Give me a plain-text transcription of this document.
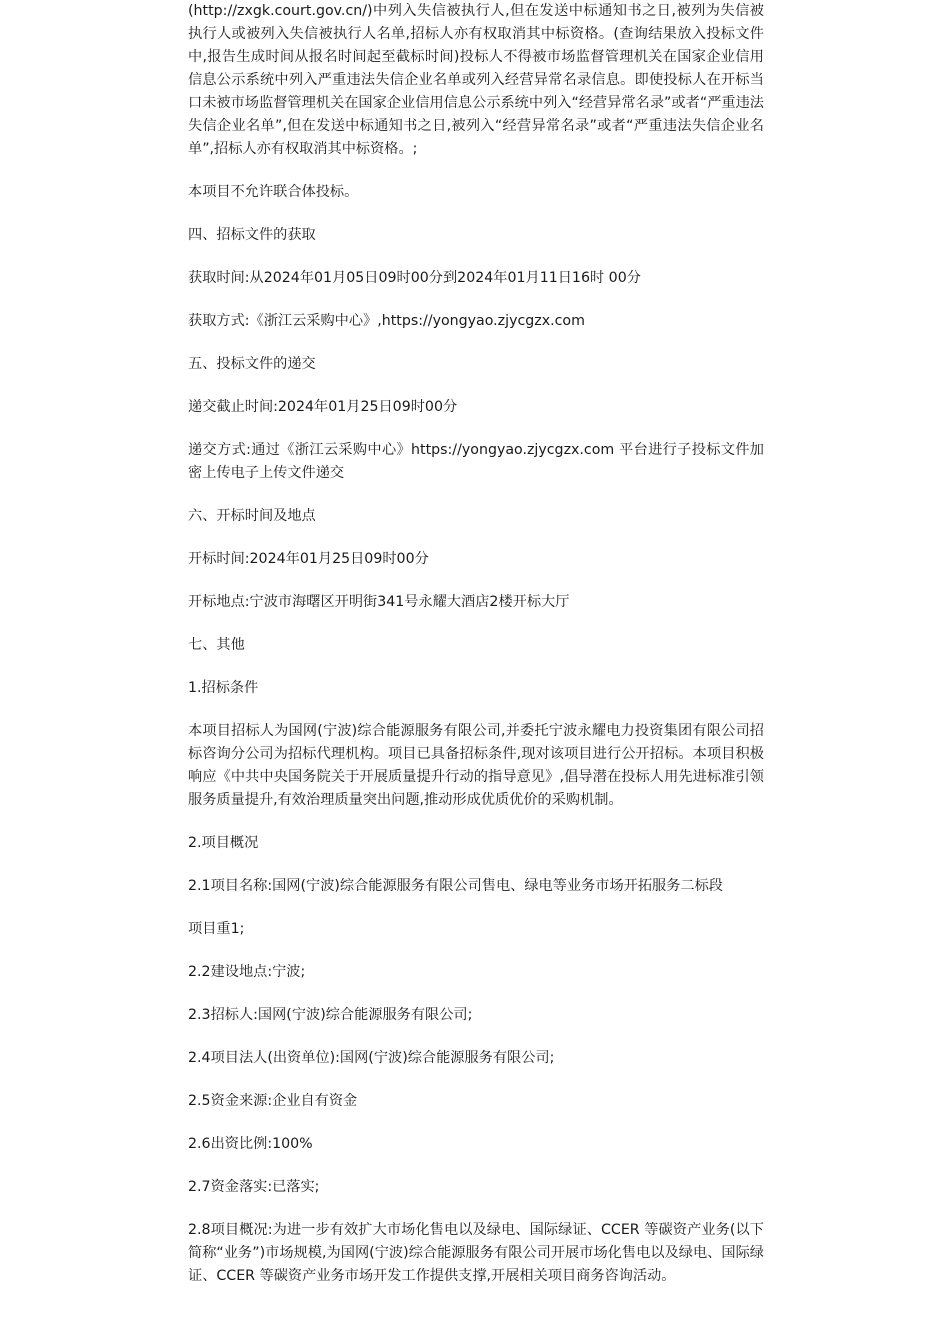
(http://zxgk.court.gov.cn/)中列入失信被执行人,但在发送中标通知书之日,被列为失信被执行人或被列入失信被执行人名单,招标人亦有权取消其中标资格。(查询结果放入投标文件中,报告生成时间从报名时间起至截标时间)投标人不得被市场监督管理机关在国家企业信用信息公示系统中列入严重违法失信企业名单或列入经营异常名录信息。即使投标人在开标当口未被市场监督管理机关在国家企业信用信息公示系统中列入“经营异常名录”或者“严重违法失信企业名单”,但在发送中标通知书之日,被列入“经营异常名录”或者“严重违法失信企业名单”,招标人亦有权取消其中标资格。;

本项目不允许联合体投标。

四、招标文件的获取

获取时间:从2024年01月05日09时00分到2024年01月11日16时 00分

获取方式:《浙江云采购中心》,https://yongyao.zjycgzx.com

五、投标文件的递交

递交截止时间:2024年01月25日09时00分

递交方式:通过《浙江云采购中心》https://yongyao.zjycgzx.com 平台进行子投标文件加密上传电子上传文件递交

六、开标时间及地点

开标时间:2024年01月25日09时00分

开标地点:宁波市海曙区开明街341号永耀大酒店2楼开标大厅

七、其他

1.招标条件

本项目招标人为国网(宁波)综合能源服务有限公司,并委托宁波永耀电力投资集团有限公司招标咨询分公司为招标代理机构。项目已具备招标条件,现对该项目进行公开招标。本项目积极响应《中共中央国务院关于开展质量提升行动的指导意见》,倡导潜在投标人用先进标准引领服务质量提升,有效治理质量突出问题,推动形成优质优价的采购机制。

2.项目概况

2.1项目名称:国网(宁波)综合能源服务有限公司售电、绿电等业务市场开拓服务二标段

项目重1;

2.2建设地点:宁波;

2.3招标人:国网(宁波)综合能源服务有限公司;

2.4项目法人(出资单位):国网(宁波)综合能源服务有限公司;

2.5资金来源:企业自有资金

2.6出资比例:100%

2.7资金落实:已落实;

2.8项目概况:为进一步有效扩大市场化售电以及绿电、国际绿证、CCER 等碳资产业务(以下简称“业务”)市场规模,为国网(宁波)综合能源服务有限公司开展市场化售电以及绿电、国际绿证、CCER 等碳资产业务市场开发工作提供支撑,开展相关项目商务咨询活动。
